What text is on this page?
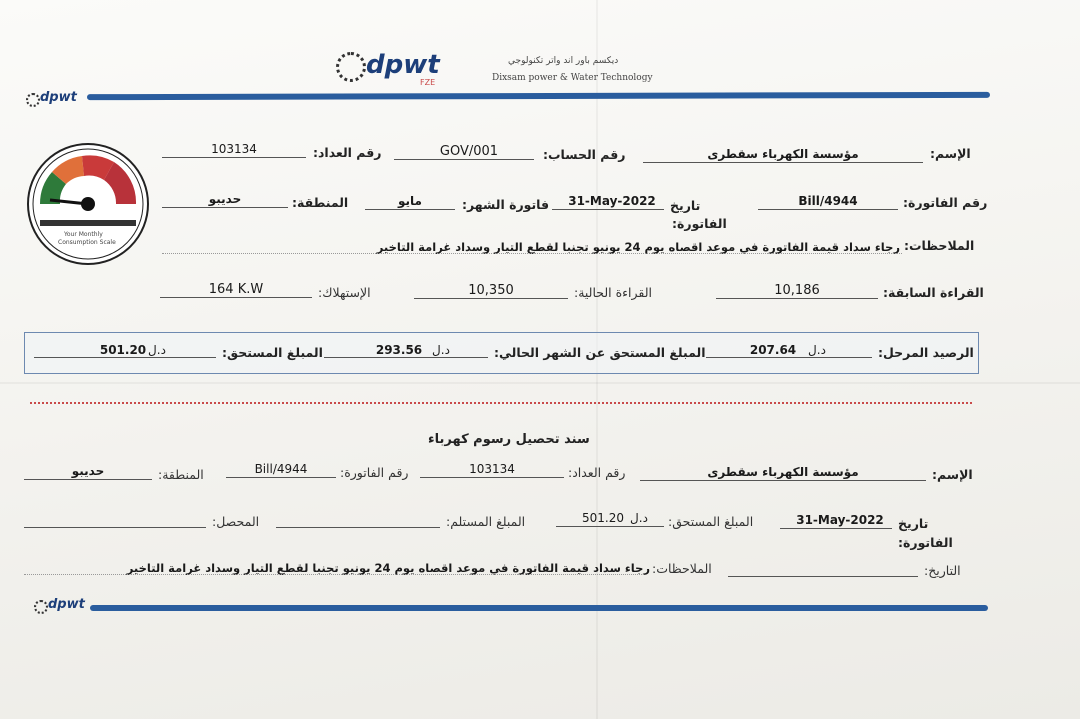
dpwt
FZE
ديكسم باور اند واتر تكنولوجي
Dixsam power & Water Technology
dpwt
Your Monthly
Consumption Scale
الإسم:
مؤسسة الكهرباء سقطرى
رقم الحساب:
GOV/001
رقم العداد:
103134
رقم الفاتورة:
Bill/4944
تاريخ
الفاتورة:
31-May-2022
فاتورة الشهر:
مايو
المنطقة:
حديبو
الملاحظات:
رجاء سداد قيمة الفاتورة في موعد اقصاه يوم 24 يونيو تجنبا لقطع التيار وسداد غرامة التاخير
القراءة السابقة:
10,186
القراءة الحالية:
10,350
الإستهلاك:
164 K.W
الرصيد المرحل:
207.64 د.ل
المبلغ المستحق عن الشهر الحالي:
293.56 د.ل
المبلغ المستحق:
501.20 د.ل
سند تحصيل رسوم كهرباء
الإسم:
مؤسسة الكهرباء سقطرى
رقم العداد:
103134
رقم الفاتورة:
Bill/4944
المنطقة:
حديبو
تاريخ
الفاتورة:
31-May-2022
المبلغ المستحق:
501.20 د.ل
المبلغ المستلم:
المحصل:
التاريخ:
الملاحظات:
رجاء سداد قيمة الفاتورة في موعد اقصاه يوم 24 يونيو تجنبا لقطع التيار وسداد غرامة التاخير
dpwt
